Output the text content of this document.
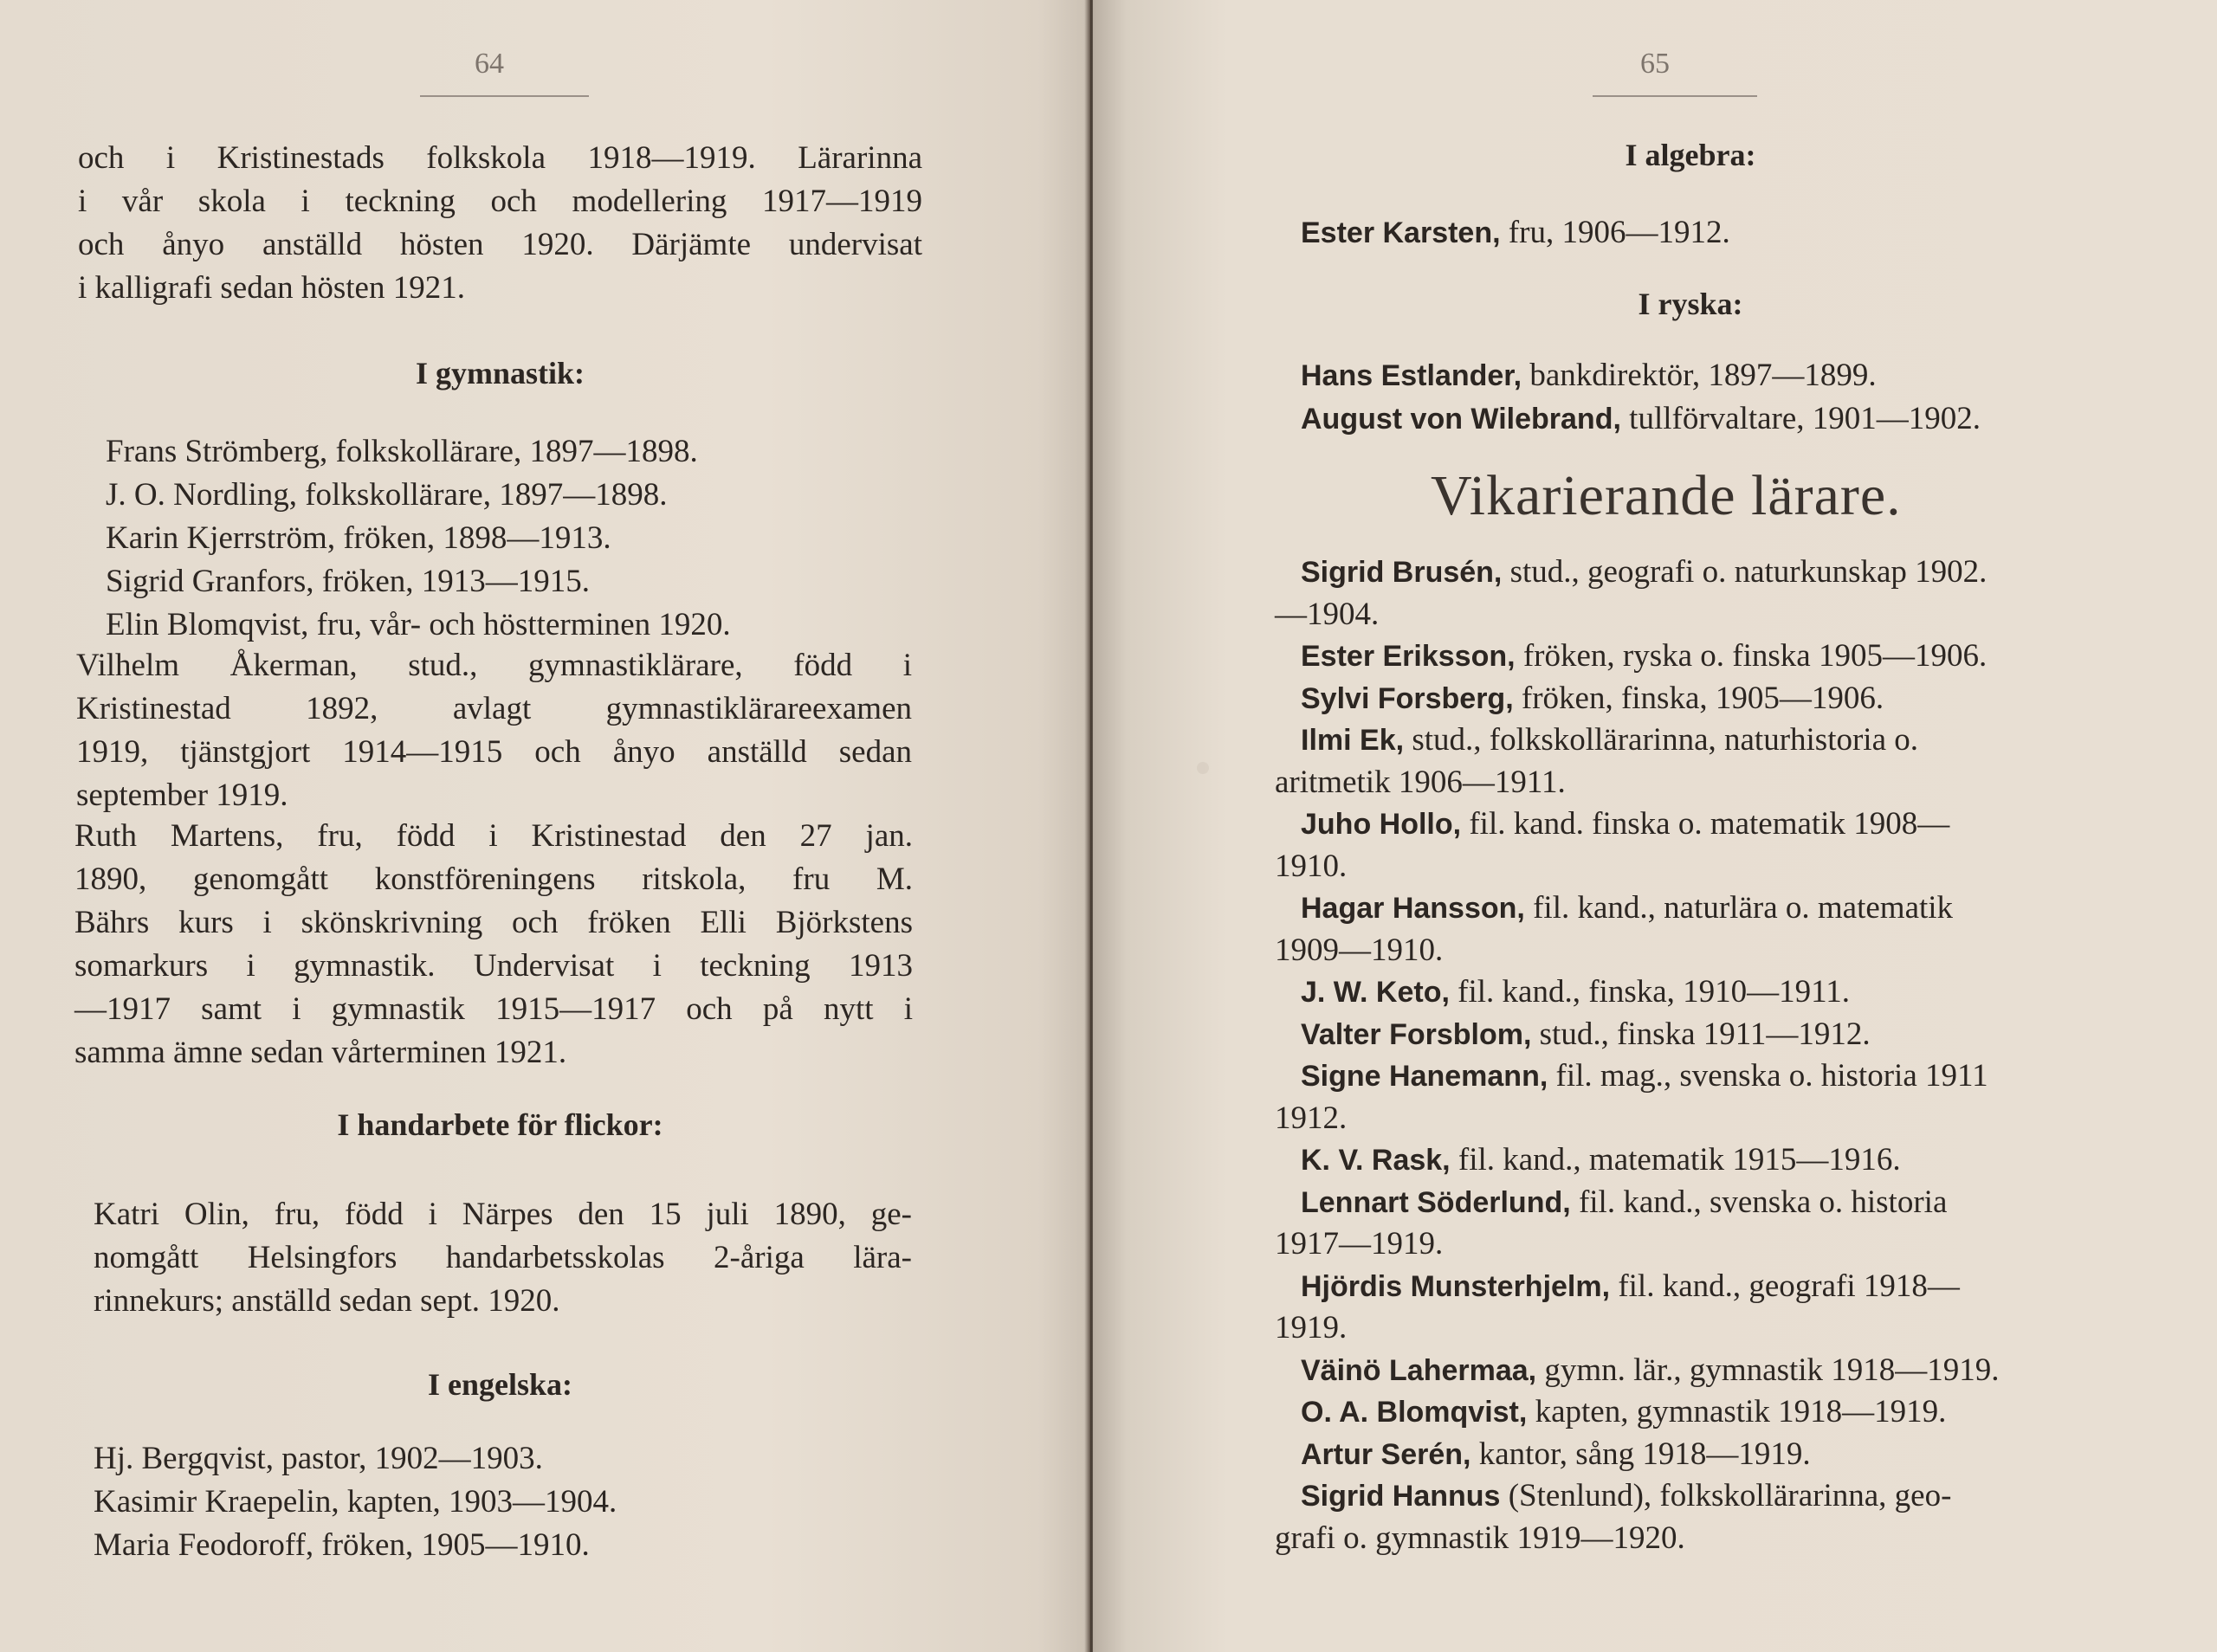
64
och i Kristinestads folkskola 1918—1919. Lärarinna
i vår skola i teckning och modellering 1917—1919
och ånyo anställd hösten 1920. Därjämte undervisat
i kalligrafi sedan hösten 1921.
I gymnastik:
Frans Strömberg, folkskollärare, 1897—1898.
J. O. Nordling, folkskollärare, 1897—1898.
Karin Kjerrström, fröken, 1898—1913.
Sigrid Granfors, fröken, 1913—1915.
Elin Blomqvist, fru, vår- och höstterminen 1920.
Vilhelm Åkerman, stud., gymnastiklärare, född i
Kristinestad 1892, avlagt gymnastiklärareexamen
1919, tjänstgjort 1914—1915 och ånyo anställd sedan
september 1919.
Ruth Martens, fru, född i Kristinestad den 27 jan.
1890, genomgått konstföreningens ritskola, fru M.
Bährs kurs i skönskrivning och fröken Elli Björkstens
somarkurs i gymnastik. Undervisat i teckning 1913
—1917 samt i gymnastik 1915—1917 och på nytt i
samma ämne sedan vårterminen 1921.
I handarbete för flickor:
Katri Olin, fru, född i Närpes den 15 juli 1890, ge-
nomgått Helsingfors handarbetsskolas 2-åriga lära-
rinnekurs; anställd sedan sept. 1920.
I engelska:
Hj. Bergqvist, pastor, 1902—1903.
Kasimir Kraepelin, kapten, 1903—1904.
Maria Feodoroff, fröken, 1905—1910.
65
I algebra:
Ester Karsten, fru, 1906—1912.
I ryska:
Hans Estlander, bankdirektör, 1897—1899.
August von Wilebrand, tullförvaltare, 1901—1902.
Vikarierande lärare.
Sigrid Brusén, stud., geografi o. naturkunskap 1902.
—1904.
Ester Eriksson, fröken, ryska o. finska 1905—1906.
Sylvi Forsberg, fröken, finska, 1905—1906.
Ilmi Ek, stud., folkskollärarinna, naturhistoria o.
aritmetik 1906—1911.
Juho Hollo, fil. kand. finska o. matematik 1908—
1910.
Hagar Hansson, fil. kand., naturlära o. matematik
1909—1910.
J. W. Keto, fil. kand., finska, 1910—1911.
Valter Forsblom, stud., finska 1911—1912.
Signe Hanemann, fil. mag., svenska o. historia 1911
1912.
K. V. Rask, fil. kand., matematik 1915—1916.
Lennart Söderlund, fil. kand., svenska o. historia
1917—1919.
Hjördis Munsterhjelm, fil. kand., geografi 1918—
1919.
Väinö Lahermaa, gymn. lär., gymnastik 1918—1919.
O. A. Blomqvist, kapten, gymnastik 1918—1919.
Artur Serén, kantor, sång 1918—1919.
Sigrid Hannus (Stenlund), folkskollärarinna, geo-
grafi o. gymnastik 1919—1920.
